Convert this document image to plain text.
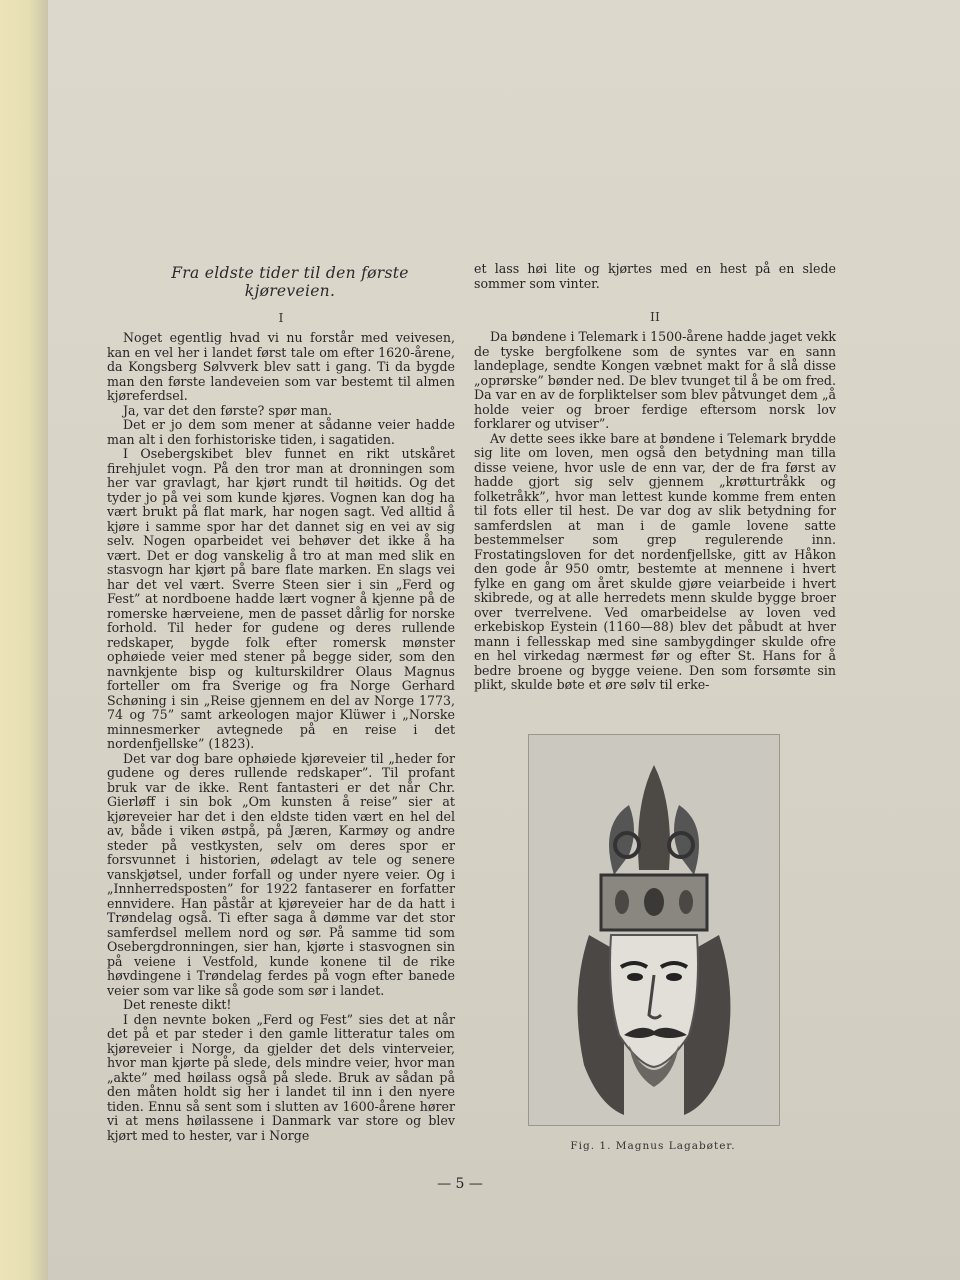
Fra eldste tider til den første kjøreveien.
I

Noget egentlig hvad vi nu forstår med veivesen, kan en vel her i landet først tale om efter 1620-årene, da Kongsberg Sølvverk blev satt i gang. Ti da bygde man den første landeveien som var bestemt til almen kjøreferdsel.

Ja, var det den første? spør man.

Det er jo dem som mener at sådanne veier hadde man alt i den forhistoriske tiden, i sagatiden.

I Osebergskibet blev funnet en rikt utskåret firehjulet vogn. På den tror man at dronningen som her var gravlagt, har kjørt rundt til høitids. Og det tyder jo på vei som kunde kjøres. Vognen kan dog ha vært brukt på flat mark, har nogen sagt. Ved alltid å kjøre i samme spor har det dannet sig en vei av sig selv. Nogen oparbeidet vei behøver det ikke å ha vært. Det er dog vanskelig å tro at man med slik en stasvogn har kjørt på bare flate marken. En slags vei har det vel vært. Sverre Steen sier i sin „Ferd og Fest” at nordboene hadde lært vogner å kjenne på de romerske hærveiene, men de passet dårlig for norske forhold. Til heder for gudene og deres rullende redskaper, bygde folk efter romersk mønster ophøiede veier med stener på begge sider, som den navnkjente bisp og kulturskildrer Olaus Magnus forteller om fra Sverige og fra Norge Gerhard Schøning i sin „Reise gjennem en del av Norge 1773, 74 og 75” samt arkeologen major Klüwer i „Norske minnesmerker avtegnede på en reise i det nordenfjellske” (1823).

Det var dog bare ophøiede kjøreveier til „heder for gudene og deres rullende redskaper”. Til profant bruk var de ikke. Rent fantasteri er det når Chr. Gierløff i sin bok „Om kunsten å reise” sier at kjøreveier har det i den eldste tiden vært en hel del av, både i viken østpå, på Jæren, Karmøy og andre steder på vestkysten, selv om deres spor er forsvunnet i historien, ødelagt av tele og senere vanskjøtsel, under forfall og under nyere veier. Og i „Innherredsposten” for 1922 fantaserer en forfatter ennvidere. Han påstår at kjøreveier har de da hatt i Trøndelag også. Ti efter saga å dømme var det stor samferdsel mellem nord og sør. På samme tid som Osebergdronningen, sier han, kjørte i stasvognen sin på veiene i Vestfold, kunde konene til de rike høvdingene i Trøndelag ferdes på vogn efter banede veier som var like så gode som sør i landet.

Det reneste dikt!

I den nevnte boken „Ferd og Fest” sies det at når det på et par steder i den gamle litteratur tales om kjøreveier i Norge, da gjelder det dels vinterveier, hvor man kjørte på slede, dels mindre veier, hvor man „akte” med høilass også på slede. Bruk av sådan på den måten holdt sig her i landet til inn i den nyere tiden. Ennu så sent som i slutten av 1600-årene hører vi at mens høilassene i Danmark var store og blev kjørt med to hester, var i Norge

et lass høi lite og kjørtes med en hest på en slede sommer som vinter.

II

Da bøndene i Telemark i 1500-årene hadde jaget vekk de tyske bergfolkene som de syntes var en sann landeplage, sendte Kongen væbnet makt for å slå disse „oprørske” bønder ned. De blev tvunget til å be om fred. Da var en av de forpliktelser som blev påtvunget dem „å holde veier og broer ferdige eftersom norsk lov forklarer og utviser”.

Av dette sees ikke bare at bøndene i Telemark brydde sig lite om loven, men også den betydning man tilla disse veiene, hvor usle de enn var, der de fra først av hadde gjort sig selv gjennem „krøtturtråkk og folketråkk”, hvor man lettest kunde komme frem enten til fots eller til hest. De var dog av slik betydning for samferdslen at man i de gamle lovene satte bestemmelser som grep regulerende inn. Frostatingsloven for det nordenfjellske, gitt av Håkon den gode år 950 omtr, bestemte at mennene i hvert fylke en gang om året skulde gjøre veiarbeide i hvert skibrede, og at alle herredets menn skulde bygge broer over tverrelvene. Ved omarbeidelse av loven ved erkebiskop Eystein (1160—88) blev det påbudt at hver mann i fellesskap med sine sambygdinger skulde ofre en hel virkedag nærmest før og efter St. Hans for å bedre broene og bygge veiene. Den som forsømte sin plikt, skulde bøte et øre sølv til erke-

Fig. 1. Magnus Lagabøter.
— 5 —
